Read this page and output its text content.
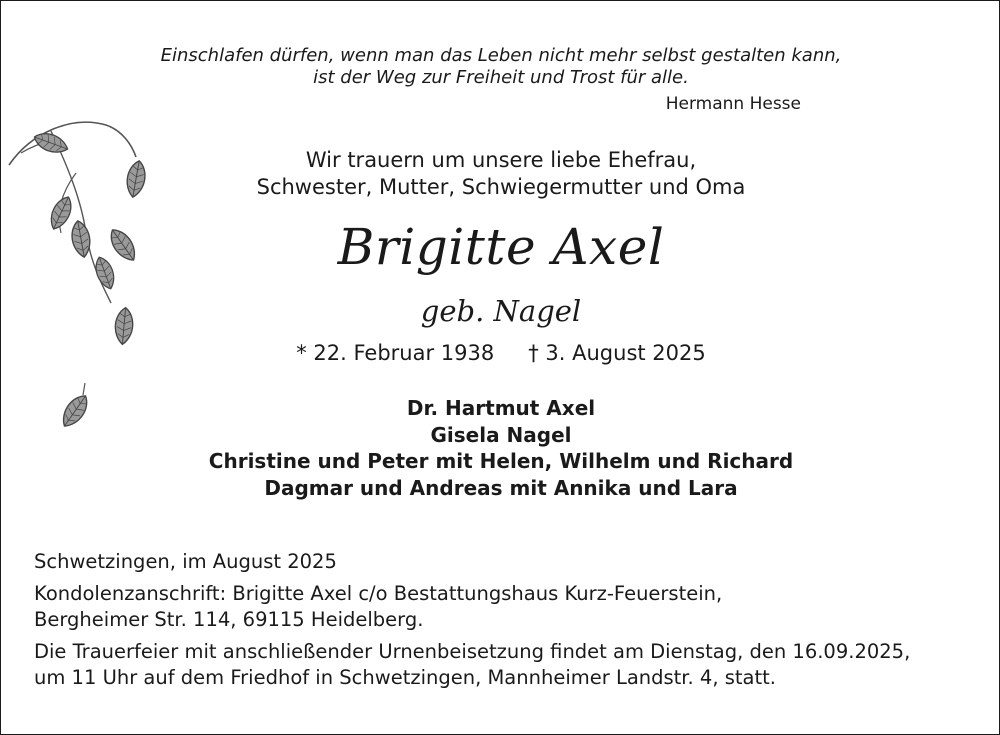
Einschlafen dürfen, wenn man das Leben nicht mehr selbst gestalten kann,
ist der Weg zur Freiheit und Trost für alle.
Hermann Hesse
Wir trauern um unsere liebe Ehefrau,
Schwester, Mutter, Schwiegermutter und Oma
Brigitte Axel
geb. Nagel
* 22. Februar 1938 † 3. August 2025
Dr. Hartmut Axel
Gisela Nagel
Christine und Peter mit Helen, Wilhelm und Richard
Dagmar und Andreas mit Annika und Lara

Schwetzingen, im August 2025

Kondolenzanschrift: Brigitte Axel c/o Bestattungshaus Kurz-Feuerstein,

Bergheimer Str. 114, 69115 Heidelberg.

Die Trauerfeier mit anschließender Urnenbeisetzung findet am Dienstag, den 16.09.2025,

um 11 Uhr auf dem Friedhof in Schwetzingen, Mannheimer Landstr. 4, statt.
